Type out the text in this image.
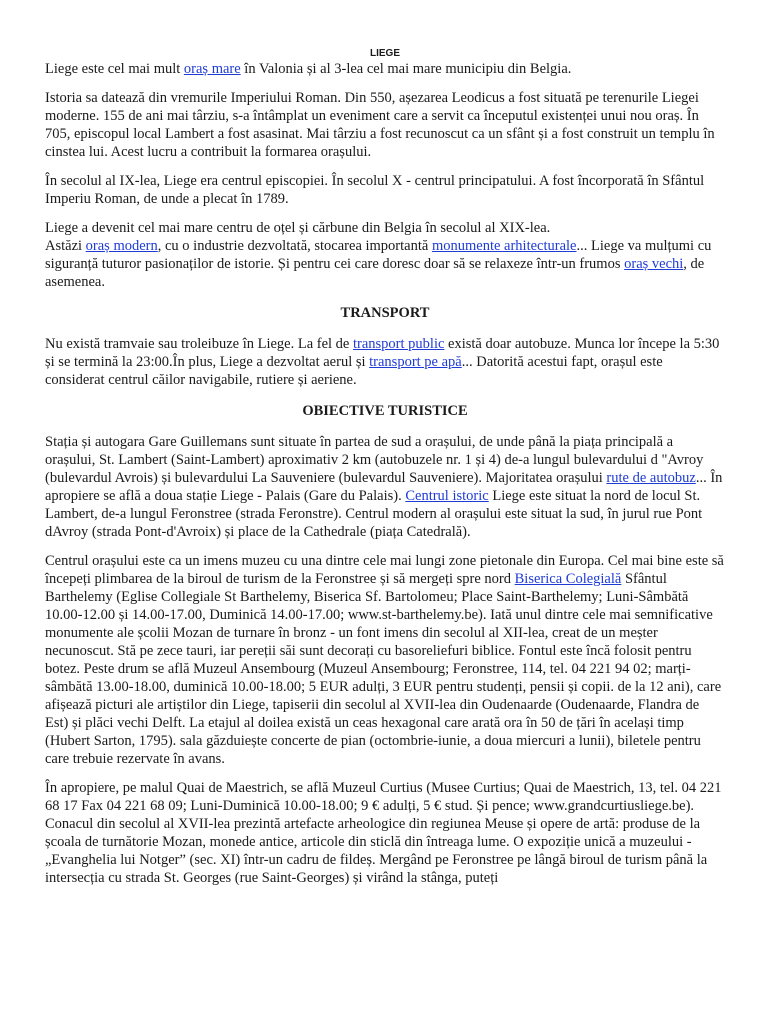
LIEGE

Liege este cel mai mult oraș mare în Valonia și al 3-lea cel mai mare municipiu din Belgia.

Istoria sa datează din vremurile Imperiului Roman. Din 550, așezarea Leodicus a fost situată pe terenurile Liegei moderne. 155 de ani mai târziu, s-a întâmplat un eveniment care a servit ca începutul existenței unui nou oraș. În 705, episcopul local Lambert a fost asasinat. Mai târziu a fost recunoscut ca un sfânt și a fost construit un templu în cinstea lui. Acest lucru a contribuit la formarea orașului.

În secolul al IX-lea, Liege era centrul episcopiei. În secolul X - centrul principatului. A fost încorporată în Sfântul Imperiu Roman, de unde a plecat în 1789.

Liege a devenit cel mai mare centru de oțel și cărbune din Belgia în secolul al XIX-lea.
Astăzi oraș modern, cu o industrie dezvoltată, stocarea importantă monumente arhitecturale... Liege va mulțumi cu siguranță tuturor pasionaților de istorie. Și pentru cei care doresc doar să se relaxeze într-un frumos oraș vechi, de asemenea.

TRANSPORT

Nu există tramvaie sau troleibuze în Liege. La fel de transport public există doar autobuze. Munca lor începe la 5:30 și se termină la 23:00.În plus, Liege a dezvoltat aerul și transport pe apă... Datorită acestui fapt, orașul este considerat centrul căilor navigabile, rutiere și aeriene.

OBIECTIVE TURISTICE

Stația și autogara Gare Guillemans sunt situate în partea de sud a orașului, de unde până la piața principală a orașului, St. Lambert (Saint-Lambert) aproximativ 2 km (autobuzele nr. 1 și 4) de-a lungul bulevardului d "Avroy (bulevardul Avrois) și bulevardului La Sauveniere (bulevardul Sauveniere). Majoritatea orașului rute de autobuz... În apropiere se află a doua stație Liege - Palais (Gare du Palais). Centrul istoric Liege este situat la nord de locul St. Lambert, de-a lungul Feronstree (strada Feronstre). Centrul modern al orașului este situat la sud, în jurul rue Pont dAvroy (strada Pont-d'Avroix) și place de la Cathedrale (piața Catedrală).

Centrul orașului este ca un imens muzeu cu una dintre cele mai lungi zone pietonale din Europa. Cel mai bine este să începeți plimbarea de la biroul de turism de la Feronstree și să mergeți spre nord Biserica Colegială Sfântul Barthelemy (Eglise Collegiale St Barthelemy, Biserica Sf. Bartolomeu; Place Saint-Barthelemy; Luni-Sâmbătă 10.00-12.00 și 14.00-17.00, Duminică 14.00-17.00; www.st-barthelemy.be). Iată unul dintre cele mai semnificative monumente ale școlii Mozan de turnare în bronz - un font imens din secolul al XII-lea, creat de un meșter necunoscut. Stă pe zece tauri, iar pereții săi sunt decorați cu basoreliefuri biblice. Fontul este încă folosit pentru botez. Peste drum se află Muzeul Ansembourg (Muzeul Ansembourg; Feronstree, 114, tel. 04 221 94 02; marți-sâmbătă 13.00-18.00, duminică 10.00-18.00; 5 EUR adulți, 3 EUR pentru studenți, pensii și copii. de la 12 ani), care afișează picturi ale artiștilor din Liege, tapiserii din secolul al XVII-lea din Oudenaarde (Oudenaarde, Flandra de Est) și plăci vechi Delft. La etajul al doilea există un ceas hexagonal care arată ora în 50 de țări în același timp (Hubert Sarton, 1795). sala găzduiește concerte de pian (octombrie-iunie, a doua miercuri a lunii), biletele pentru care trebuie rezervate în avans.

În apropiere, pe malul Quai de Maestrich, se află Muzeul Curtius (Musee Curtius; Quai de Maestrich, 13, tel. 04 221 68 17 Fax 04 221 68 09; Luni-Duminică 10.00-18.00; 9 € adulți, 5 € stud. Și pence; www.grandcurtiusliege.be). Conacul din secolul al XVII-lea prezintă artefacte arheologice din regiunea Meuse și opere de artă: produse de la școala de turnătorie Mozan, monede antice, articole din sticlă din întreaga lume. O expoziție unică a muzeului - „Evanghelia lui Notger” (sec. XI) într-un cadru de fildeș. Mergând pe Feronstree pe lângă biroul de turism până la intersecția cu strada St. Georges (rue Saint-Georges) și virând la stânga, puteți
